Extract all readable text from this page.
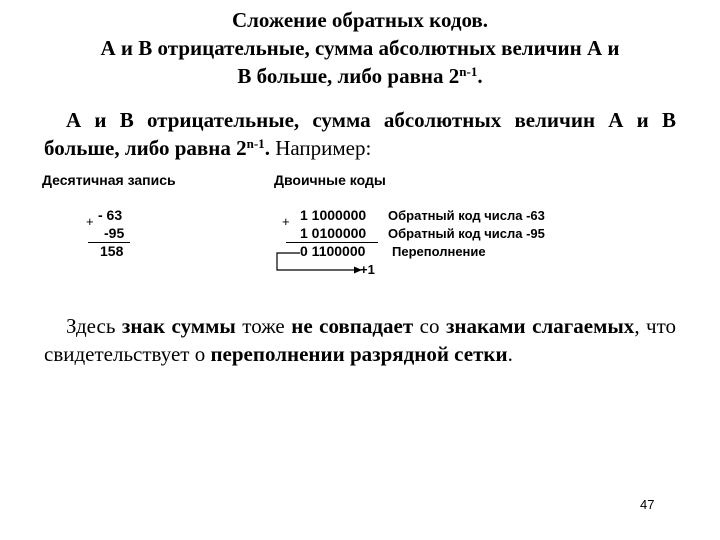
Сложение обратных кодов.
А и В отрицательные, сумма абсолютных величин А и
В больше, либо равна 2$^{n-1}$.
А и В отрицательные, сумма абсолютных величин А и В больше, либо равна 2$^{n-1}$. Например:
Десятичная запись
+ - 63
-95
158
Двоичные коды
+ 1 1000000 Обратный код числа -63
1 0100000 Обратный код числа -95
0 1100000 Переполнение
+1
Здесь знак суммы тоже не совпадает со знаками слагаемых, что свидетельствует о переполнении разрядной сетки.
47
